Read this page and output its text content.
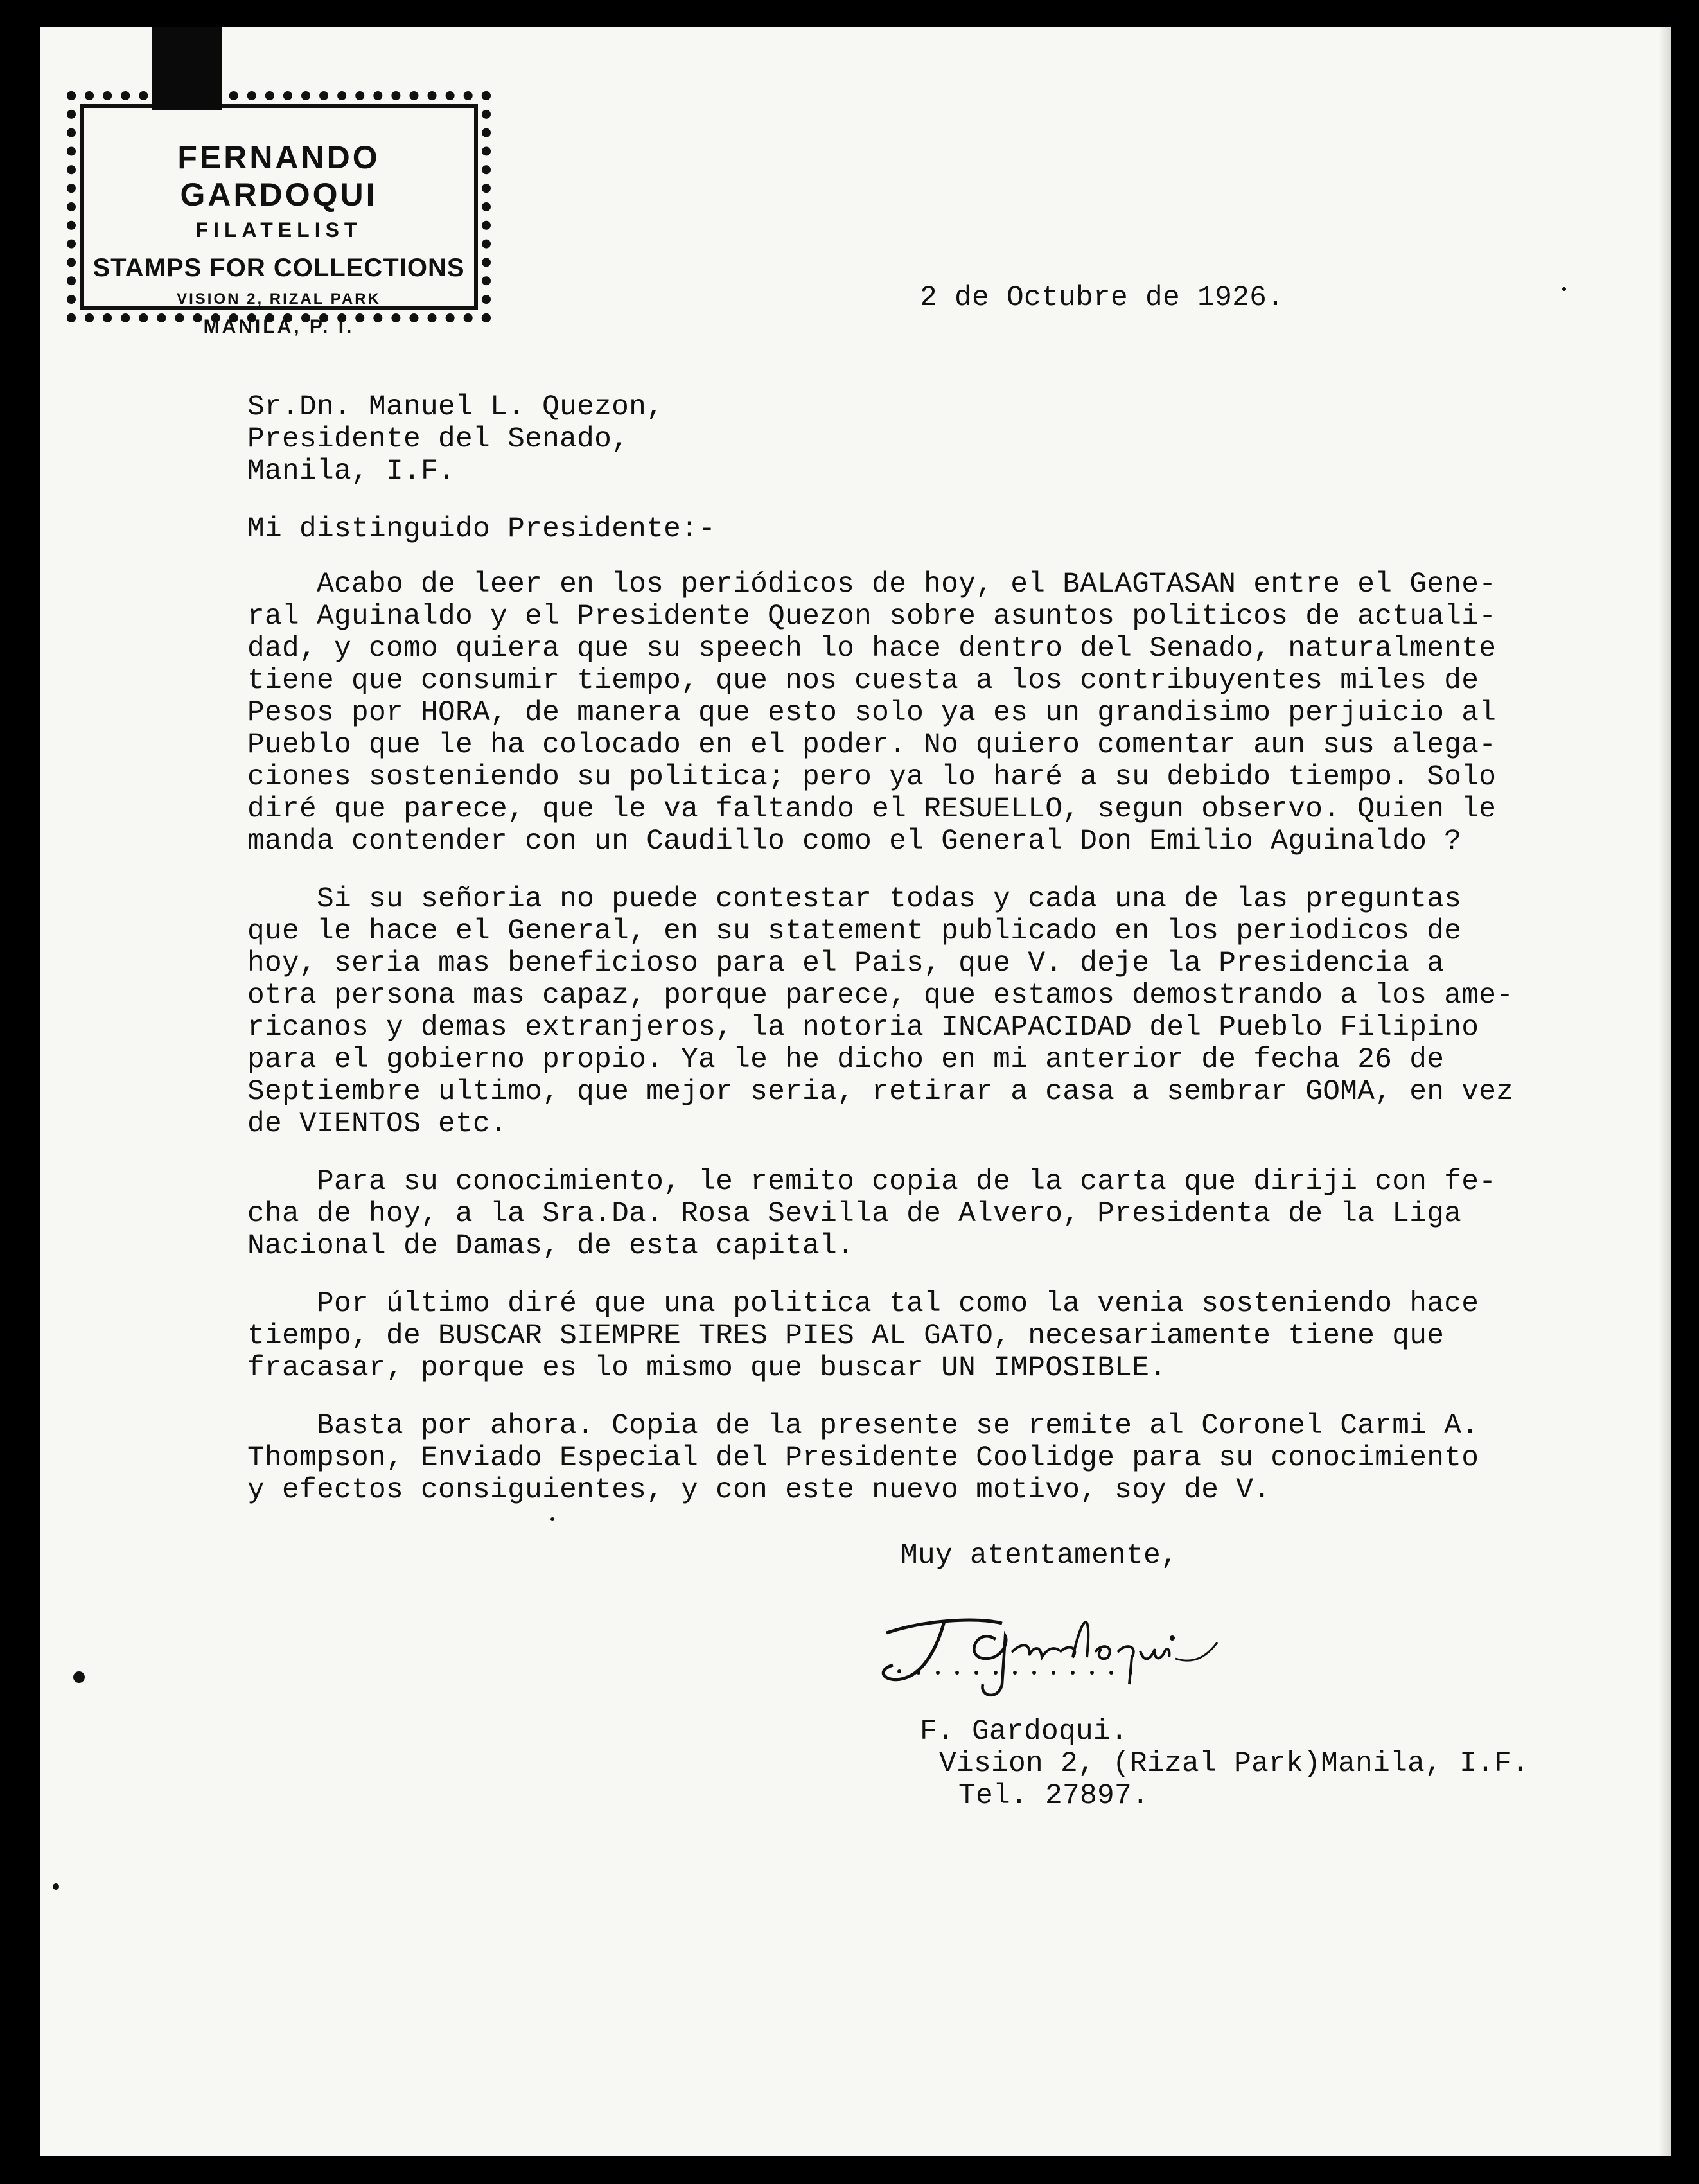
FERNANDO GARDOQUI
FILATELIST
STAMPS FOR COLLECTIONS
VISION 2, RIZAL PARK
MANILA, P. I.
2 de Octubre de 1926.
Sr.Dn. Manuel L. Quezon,
Presidente del Senado,
Manila, I.F.
Mi distinguido Presidente:-
Acabo de leer en los periódicos de hoy, el BALAGTASAN entre el Gene-
ral Aguinaldo y el Presidente Quezon sobre asuntos politicos de actuali-
dad, y como quiera que su speech lo hace dentro del Senado, naturalmente
tiene que consumir tiempo, que nos cuesta a los contribuyentes miles de
Pesos por HORA, de manera que esto solo ya es un grandisimo perjuicio al
Pueblo que le ha colocado en el poder. No quiero comentar aun sus alega-
ciones sosteniendo su politica; pero ya lo haré a su debido tiempo. Solo
diré que parece, que le va faltando el RESUELLO, segun observo. Quien le
manda contender con un Caudillo como el General Don Emilio Aguinaldo ?
Si su señoria no puede contestar todas y cada una de las preguntas
que le hace el General, en su statement publicado en los periodicos de
hoy, seria mas beneficioso para el Pais, que V. deje la Presidencia a
otra persona mas capaz, porque parece, que estamos demostrando a los ame-
ricanos y demas extranjeros, la notoria INCAPACIDAD del Pueblo Filipino
para el gobierno propio. Ya le he dicho en mi anterior de fecha 26 de
Septiembre ultimo, que mejor seria, retirar a casa a sembrar GOMA, en vez
de VIENTOS etc.
Para su conocimiento, le remito copia de la carta que diriji con fe-
cha de hoy, a la Sra.Da. Rosa Sevilla de Alvero, Presidenta de la Liga
Nacional de Damas, de esta capital.
Por último diré que una politica tal como la venia sosteniendo hace
tiempo, de BUSCAR SIEMPRE TRES PIES AL GATO, necesariamente tiene que
fracasar, porque es lo mismo que buscar UN IMPOSIBLE.
Basta por ahora. Copia de la presente se remite al Coronel Carmi A.
Thompson, Enviado Especial del Presidente Coolidge para su conocimiento
y efectos consiguientes, y con este nuevo motivo, soy de V.
Muy atentamente,
F. Gardoqui.
Vision 2, (Rizal Park)Manila, I.F.
Tel. 27897.
